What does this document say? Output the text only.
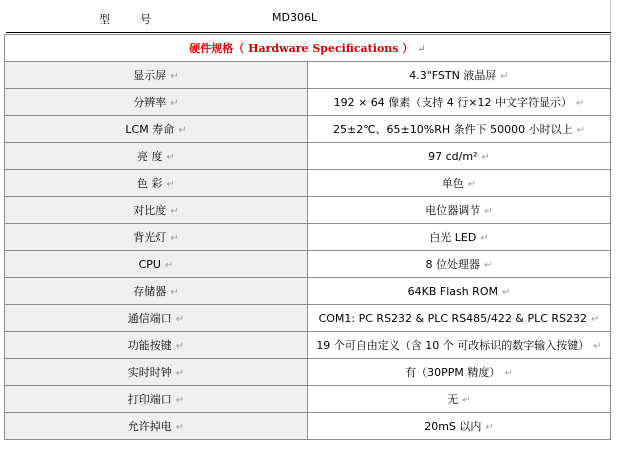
型号	MD306L
硬件规格（ Hardware Specifications ） ↵	
显示屏 ↵	4.3"FSTN 液晶屏 ↵
分辨率 ↵	192 × 64 像素（支持 4 行×12 中文字符显示） ↵
LCM 寿命 ↵	25±2℃、65±10%RH 条件下 50000 小时以上 ↵
亮 度 ↵	97 cd/m² ↵
色 彩 ↵	单色 ↵
对比度 ↵	电位器调节 ↵
背光灯 ↵	白光 LED ↵
CPU ↵	8 位处理器 ↵
存储器 ↵	64KB Flash ROM ↵
通信端口 ↵	COM1: PC RS232 & PLC RS485/422 & PLC RS232 ↵
功能按键 ↵	19 个可自由定义（含 10 个 可改标识的数字输入按键） ↵
实时时钟 ↵	有（30PPM 精度） ↵
打印端口 ↵	无 ↵
允许掉电 ↵	20mS 以内 ↵
